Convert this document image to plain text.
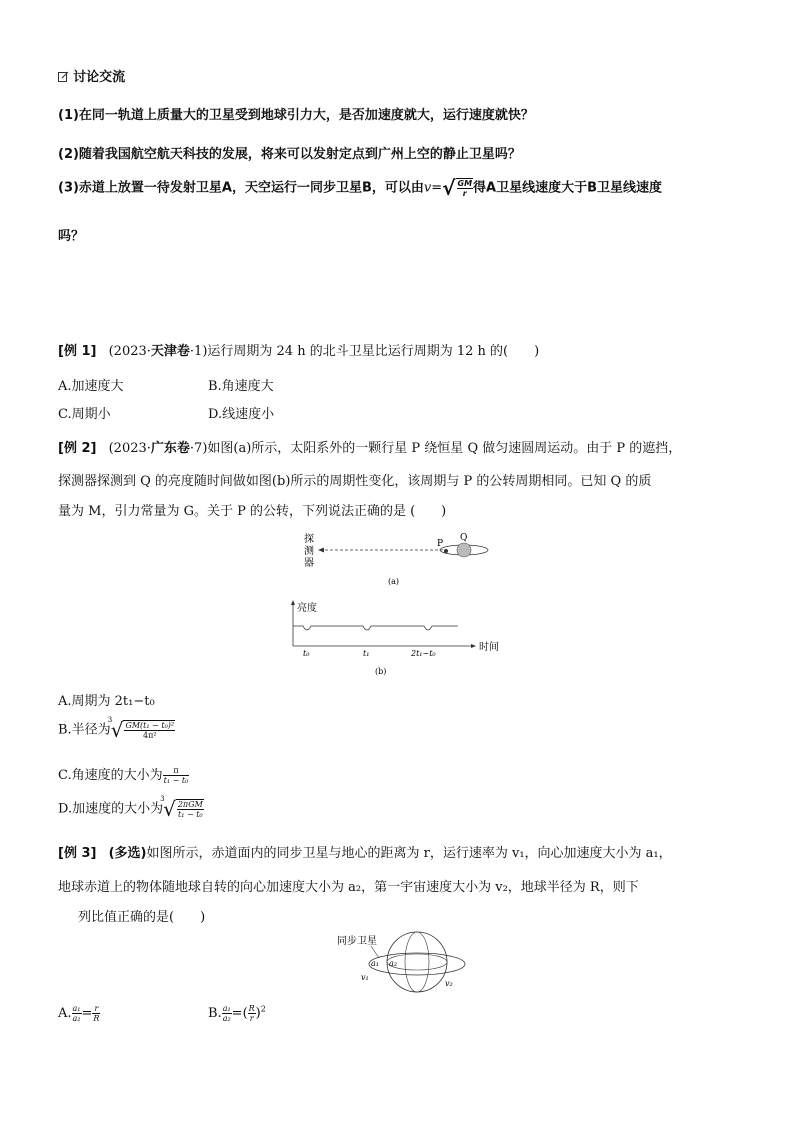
讨论交流
(1)在同一轨道上质量大的卫星受到地球引力大，是否加速度就大，运行速度就快？
(2)随着我国航空航天科技的发展，将来可以发射定点到广州上空的静止卫星吗？
(3)赤道上放置一待发射卫星A，天空运行一同步卫星B，可以由$v=√ \frac{GM}{r}$ 得A卫星线速度大于B卫星线速度
吗？
[例 1] (2023·天津卷·1)运行周期为 24 h 的北斗卫星比运行周期为 12 h 的(　　)
A.加速度大	B.角速度大
C.周期小	D.线速度小
[例 2] (2023·广东卷·7)如图(a)所示，太阳系外的一颗行星 P 绕恒星 Q 做匀速圆周运动。由于 P 的遮挡，
探测器探测到 Q 的亮度随时间做如图(b)所示的周期性变化，该周期与 P 的公转周期相同。已知 Q 的质
量为 M，引力常量为 G。关于 P 的公转，下列说法正确的是 (　　)
探
测
器
P
Q
(a)
亮度
时间
t₀	t₁	2t₁−t₀
(b)
A.周期为 2t₁−t₀
B.半径为
3
√ $\frac{\text{GM(t₁ − t₀)²}}{\text{4π²}}$
C.角速度的大小为 $\frac{\pi}{\text{t₁ − t₀}}$
D.加速度的大小为
3
√ $\frac{\text{2πGM}}{\text{t₁ − t₀}}$
[例 3] (多选)如图所示，赤道面内的同步卫星与地心的距离为 r，运行速率为 v₁，向心加速度大小为 a₁，
地球赤道上的物体随地球自转的向心加速度大小为 a₂，第一宇宙速度大小为 v₂，地球半径为 R，则下
列比值正确的是(　　)
同步卫星
a₁ a₂
v₁
v₂
A. $\frac{\text{a₁}}{\text{a₂}} = \frac{r}{R}$	B. $\frac{\text{a₁}}{\text{a₂}}$ =( $\frac{R}{r} )^2$
